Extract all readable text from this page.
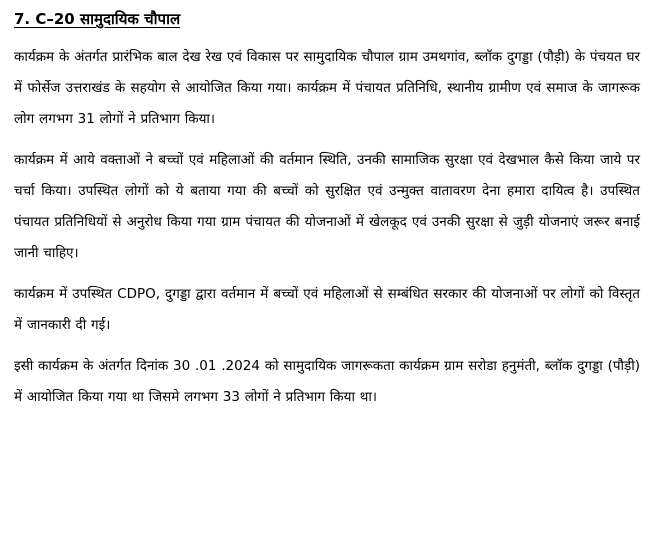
7. C–20 सामुदायिक चौपाल

कार्यक्रम के अंतर्गत प्रारंभिक बाल देख रेख एवं विकास पर सामुदायिक चौपाल ग्राम उमथगांव, ब्लॉक दुगड्डा (पौड़ी) के पंचयत घर में फोर्सेज उत्तराखंड के सहयोग से आयोजित किया गया। कार्यक्रम में पंचायत प्रतिनिधि, स्थानीय ग्रामीण एवं समाज के जागरूक लोग लगभग 31 लोगों ने प्रतिभाग किया।

कार्यक्रम में आये वक्ताओं ने बच्चों एवं महिलाओं की वर्तमान स्थिति, उनकी सामाजिक सुरक्षा एवं देखभाल कैसे किया जाये पर चर्चा किया। उपस्थित लोगों को ये बताया गया की बच्चों को सुरक्षित एवं उन्मुक्त वातावरण देना हमारा दायित्व है। उपस्थित पंचायत प्रतिनिधियों से अनुरोध किया गया ग्राम पंचायत की योजनाओं में खेलकूद एवं उनकी सुरक्षा से जुड़ी योजनाएं जरूर बनाई जानी चाहिए।

कार्यक्रम में उपस्थित CDPO, दुगड्डा द्वारा वर्तमान में बच्चों एवं महिलाओं से सम्बंधित सरकार की योजनाओं पर लोगों को विस्तृत में जानकारी दी गई।

इसी कार्यक्रम के अंतर्गत दिनांक 30 .01 .2024 को सामुदायिक जागरूकता कार्यक्रम ग्राम सरोडा हनुमंती, ब्लॉक दुगड्डा (पौड़ी) में आयोजित किया गया था जिसमे लगभग 33 लोगों ने प्रतिभाग किया था।
